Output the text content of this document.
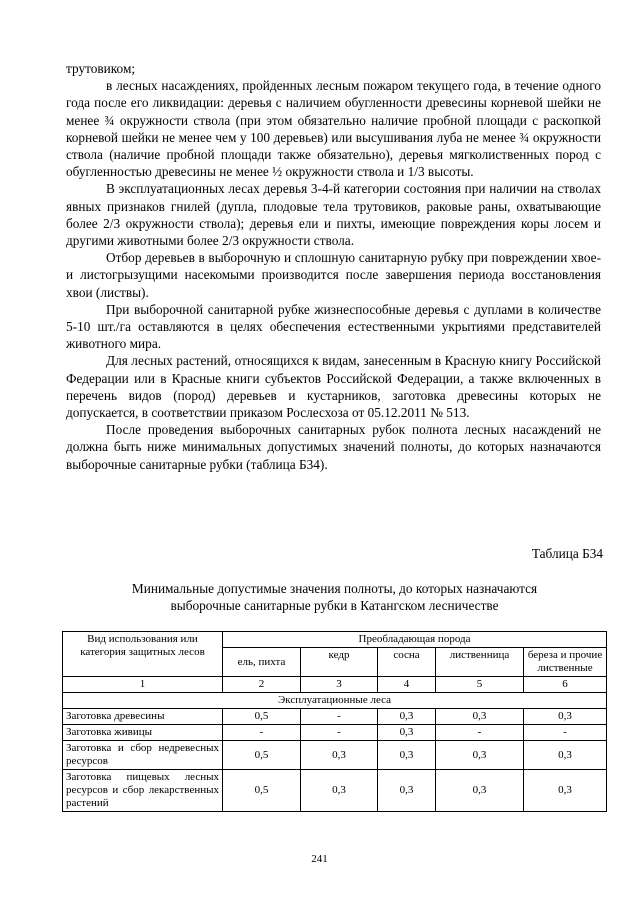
трутовиком;

в лесных насаждениях, пройденных лесным пожаром текущего года, в течение одного года после его ликвидации: деревья с наличием обугленности древесины корневой шейки не менее ¾ окружности ствола (при этом обязательно наличие пробной площади с раскопкой корневой шейки не менее чем у 100 деревьев) или высушивания луба не менее ¾ окружности ствола (наличие пробной площади также обязательно), деревья мягколиственных пород с обугленностью древесины не менее ½ окружности ствола и 1/3 высоты.

В эксплуатационных лесах деревья 3-4-й категории состояния при наличии на стволах явных признаков гнилей (дупла, плодовые тела трутовиков, раковые раны, охватывающие более 2/3 окружности ствола); деревья ели и пихты, имеющие повреждения коры лосем и другими животными более 2/3 окружности ствола.

Отбор деревьев в выборочную и сплошную санитарную рубку при повреждении хвое- и листогрызущими насекомыми производится после завершения периода восстановления хвои (листвы).

При выборочной санитарной рубке жизнеспособные деревья с дуплами в количестве 5-10 шт./га оставляются в целях обеспечения естественными укрытиями представителей животного мира.

Для лесных растений, относящихся к видам, занесенным в Красную книгу Российской Федерации или в Красные книги субъектов Российской Федерации, а также включенных в перечень видов (пород) деревьев и кустарников, заготовка древесины которых не допускается, в соответствии приказом Рослесхоза от 05.12.2011 № 513.

После проведения выборочных санитарных рубок полнота лесных насаждений не должна быть ниже минимальных допустимых значений полноты, до которых назначаются выборочные санитарные рубки (таблица Б34).

Таблица Б34
Минимальные допустимые значения полноты, до которых назначаются
выборочные санитарные рубки в Катангском лесничестве
Вид использования или категория защитных лесов	Преобладающая порода				
	ель, пихта	кедр	сосна	лиственница	береза и прочие лиственные
1	2	3	4	5	6
Эксплуатационные леса					
Заготовка древесины	0,5	-	0,3	0,3	0,3
Заготовка живицы	-	-	0,3	-	-
Заготовка и сбор недревесных ресурсов	0,5	0,3	0,3	0,3	0,3
Заготовка пищевых лесных ресурсов и сбор лекарственных растений	0,5	0,3	0,3	0,3	0,3
241
